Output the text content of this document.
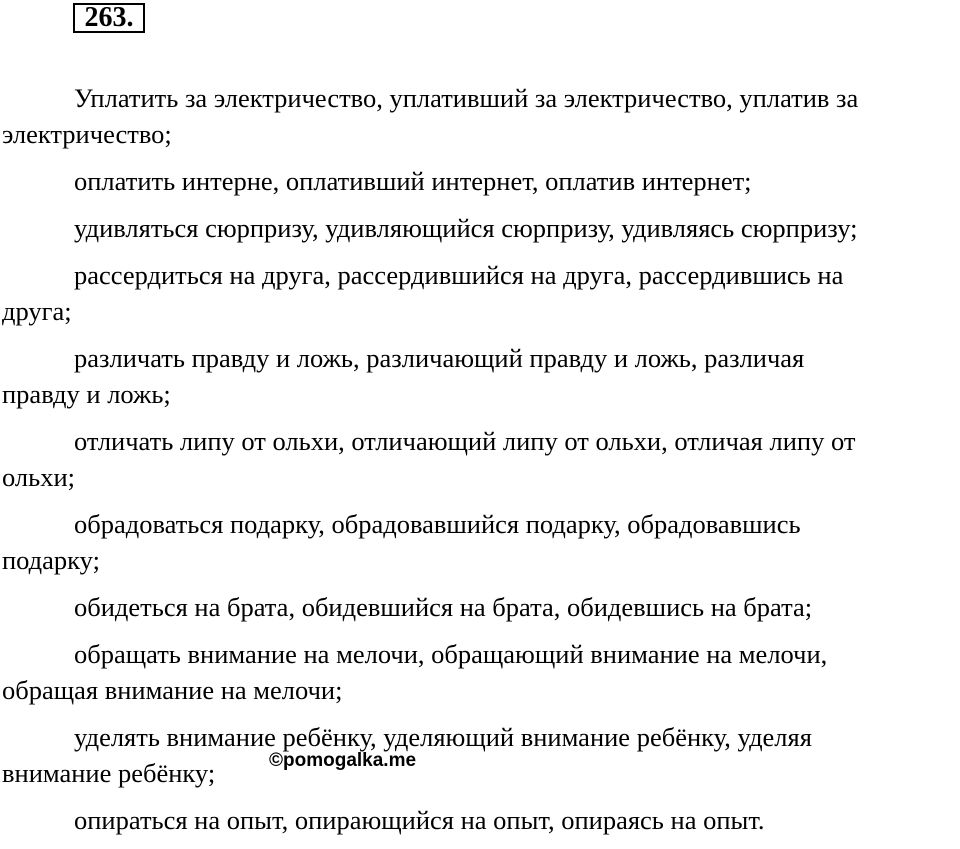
263.

Уплатить за электричество, уплативший за электричество, уплатив за
электричество;

оплатить интерне, оплативший интернет, оплатив интернет;

удивляться сюрпризу, удивляющийся сюрпризу, удивляясь сюрпризу;

рассердиться на друга, рассердившийся на друга, рассердившись на
друга;

различать правду и ложь, различающий правду и ложь, различая
правду и ложь;

отличать липу от ольхи, отличающий липу от ольхи, отличая липу от
ольхи;

обрадоваться подарку, обрадовавшийся подарку, обрадовавшись
подарку;

обидеться на брата, обидевшийся на брата, обидевшись на брата;

обращать внимание на мелочи, обращающий внимание на мелочи,
обращая внимание на мелочи;

уделять внимание ребёнку, уделяющий внимание ребёнку, уделяя
внимание ребёнку;

опираться на опыт, опирающийся на опыт, опираясь на опыт.

©pomogalka.me
